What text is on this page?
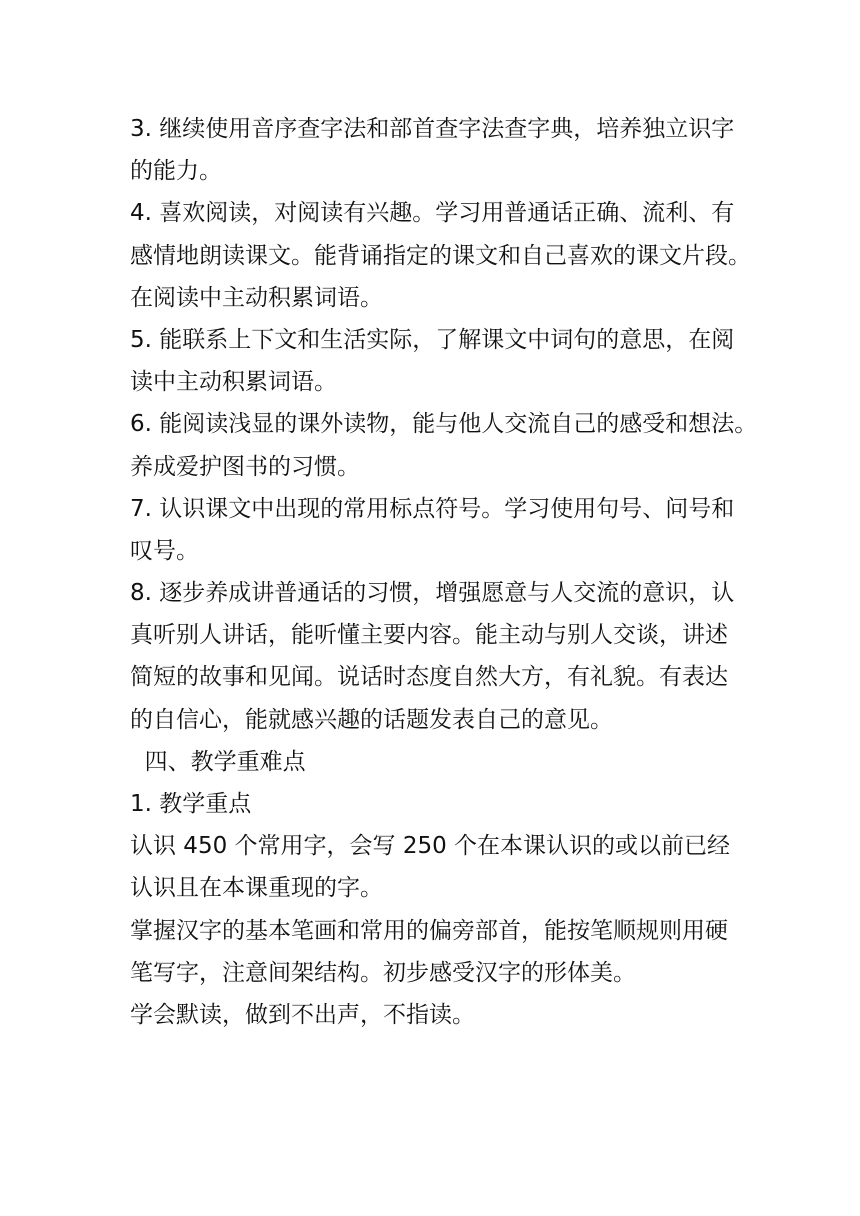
3. 继续使用音序查字法和部首查字法查字典，培养独立识字
的能力。
4. 喜欢阅读，对阅读有兴趣。学习用普通话正确、流利、有
感情地朗读课文。能背诵指定的课文和自己喜欢的课文片段。
在阅读中主动积累词语。
5. 能联系上下文和生活实际，了解课文中词句的意思，在阅
读中主动积累词语。
6. 能阅读浅显的课外读物，能与他人交流自己的感受和想法。
养成爱护图书的习惯。
7. 认识课文中出现的常用标点符号。学习使用句号、问号和
叹号。
8. 逐步养成讲普通话的习惯，增强愿意与人交流的意识，认
真听别人讲话，能听懂主要内容。能主动与别人交谈，讲述
简短的故事和见闻。说话时态度自然大方，有礼貌。有表达
的自信心，能就感兴趣的话题发表自己的意见。
四、教学重难点
1. 教学重点
认识 450 个常用字，会写 250 个在本课认识的或以前已经
认识且在本课重现的字。
掌握汉字的基本笔画和常用的偏旁部首，能按笔顺规则用硬
笔写字，注意间架结构。初步感受汉字的形体美。
学会默读，做到不出声，不指读。
